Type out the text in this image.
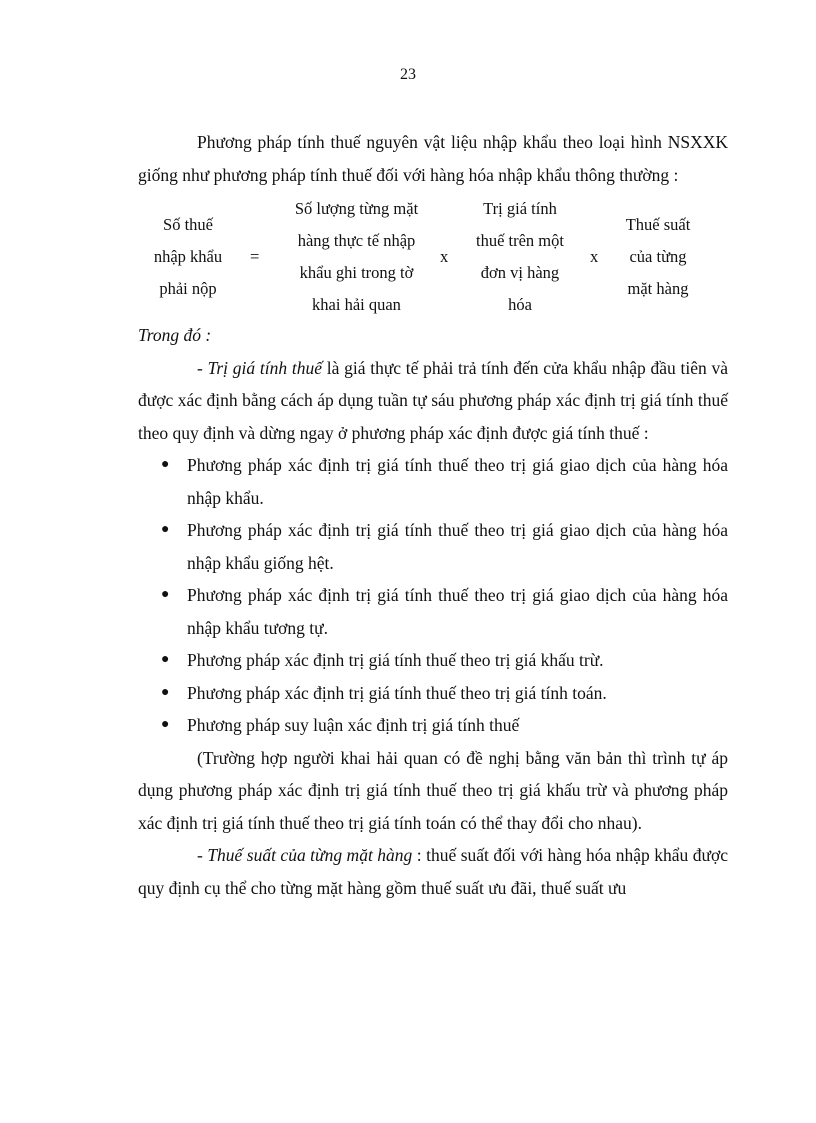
23

Phương pháp tính thuế nguyên vật liệu nhập khẩu theo loại hình NSXXK giống như phương pháp tính thuế đối với hàng hóa nhập khẩu thông thường :

Số thuế
nhập khẩu
phải nộp
=
Số lượng từng mặt
hàng thực tế nhập
khẩu ghi trong tờ
khai hải quan
x
Trị giá tính
thuế trên một
đơn vị hàng
hóa
x
Thuế suất
của từng
mặt hàng

Trong đó :

- Trị giá tính thuế là giá thực tế phải trả tính đến cửa khẩu nhập đầu tiên và được xác định bằng cách áp dụng tuần tự sáu phương pháp xác định trị giá tính thuế theo quy định và dừng ngay ở phương pháp xác định được giá tính thuế :

● Phương pháp xác định trị giá tính thuế theo trị giá giao dịch của hàng hóa nhập khẩu.
● Phương pháp xác định trị giá tính thuế theo trị giá giao dịch của hàng hóa nhập khẩu giống hệt.
● Phương pháp xác định trị giá tính thuế theo trị giá giao dịch của hàng hóa nhập khẩu tương tự.
● Phương pháp xác định trị giá tính thuế theo trị giá khấu trừ.
● Phương pháp xác định trị giá tính thuế theo trị giá tính toán.
● Phương pháp suy luận xác định trị giá tính thuế

(Trường hợp người khai hải quan có đề nghị bằng văn bản thì trình tự áp dụng phương pháp xác định trị giá tính thuế theo trị giá khấu trừ và phương pháp xác định trị giá tính thuế theo trị giá tính toán có thể thay đổi cho nhau).

- Thuế suất của từng mặt hàng : thuế suất đối với hàng hóa nhập khẩu được quy định cụ thể cho từng mặt hàng gồm thuế suất ưu đãi, thuế suất ưu
